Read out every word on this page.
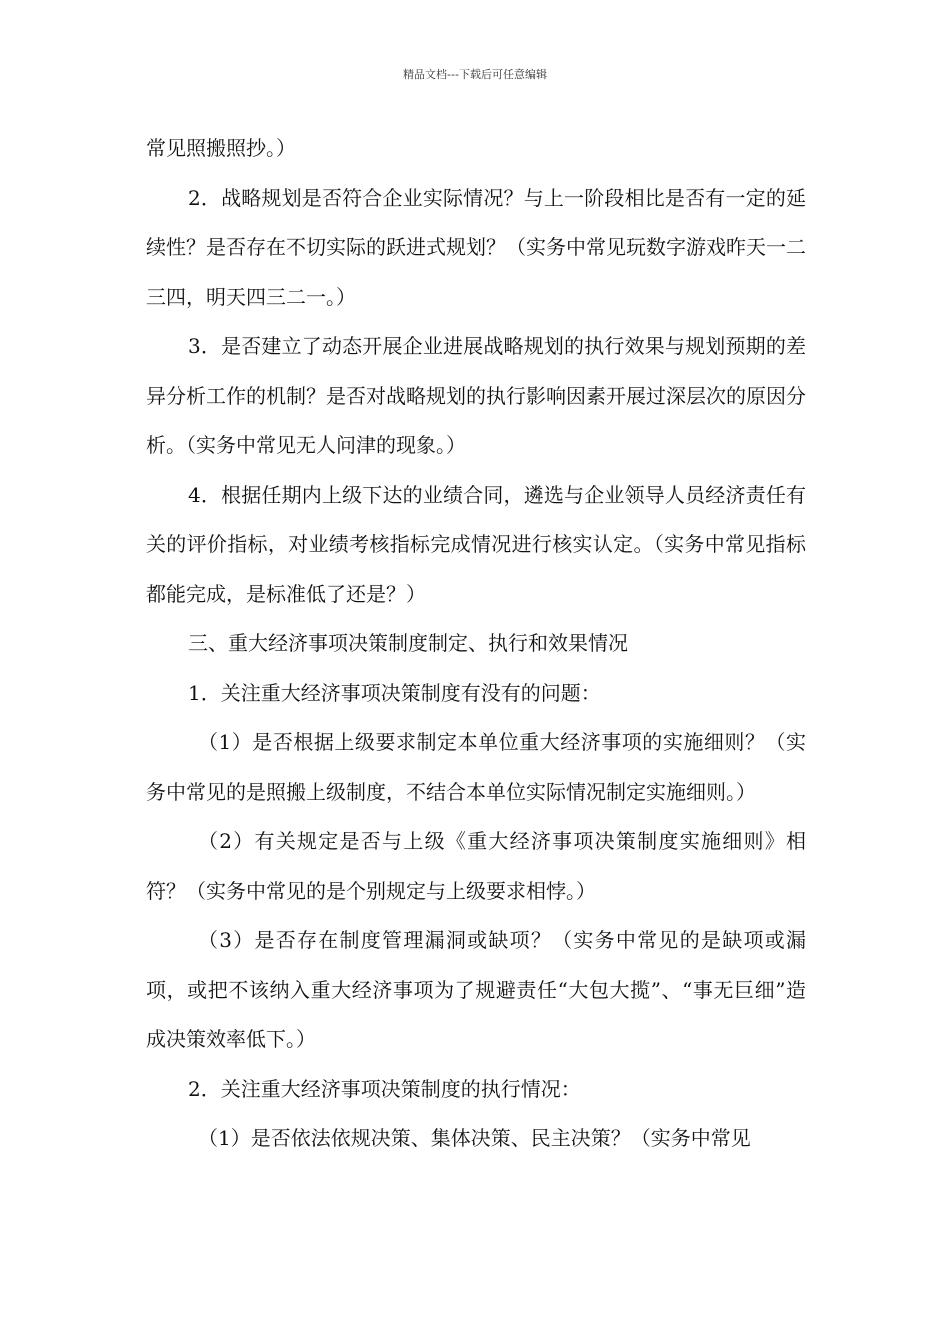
精品文档---下载后可任意编辑

常见照搬照抄。）

2．战略规划是否符合企业实际情况？与上一阶段相比是否有一定的延续性？是否存在不切实际的跃进式规划？（实务中常见玩数字游戏昨天一二三四，明天四三二一。）

3．是否建立了动态开展企业进展战略规划的执行效果与规划预期的差异分析工作的机制？是否对战略规划的执行影响因素开展过深层次的原因分析。（实务中常见无人问津的现象。）

4．根据任期内上级下达的业绩合同，遴选与企业领导人员经济责任有关的评价指标，对业绩考核指标完成情况进行核实认定。（实务中常见指标都能完成，是标准低了还是？）

三、重大经济事项决策制度制定、执行和效果情况

1．关注重大经济事项决策制度有没有的问题：

（1）是否根据上级要求制定本单位重大经济事项的实施细则？（实务中常见的是照搬上级制度，不结合本单位实际情况制定实施细则。）

（2）有关规定是否与上级《重大经济事项决策制度实施细则》相符？（实务中常见的是个别规定与上级要求相悖。）

（3）是否存在制度管理漏洞或缺项？（实务中常见的是缺项或漏项，或把不该纳入重大经济事项为了规避责任“大包大揽”、“事无巨细”造成决策效率低下。）

2．关注重大经济事项决策制度的执行情况：

（1）是否依法依规决策、集体决策、民主决策？（实务中常见
